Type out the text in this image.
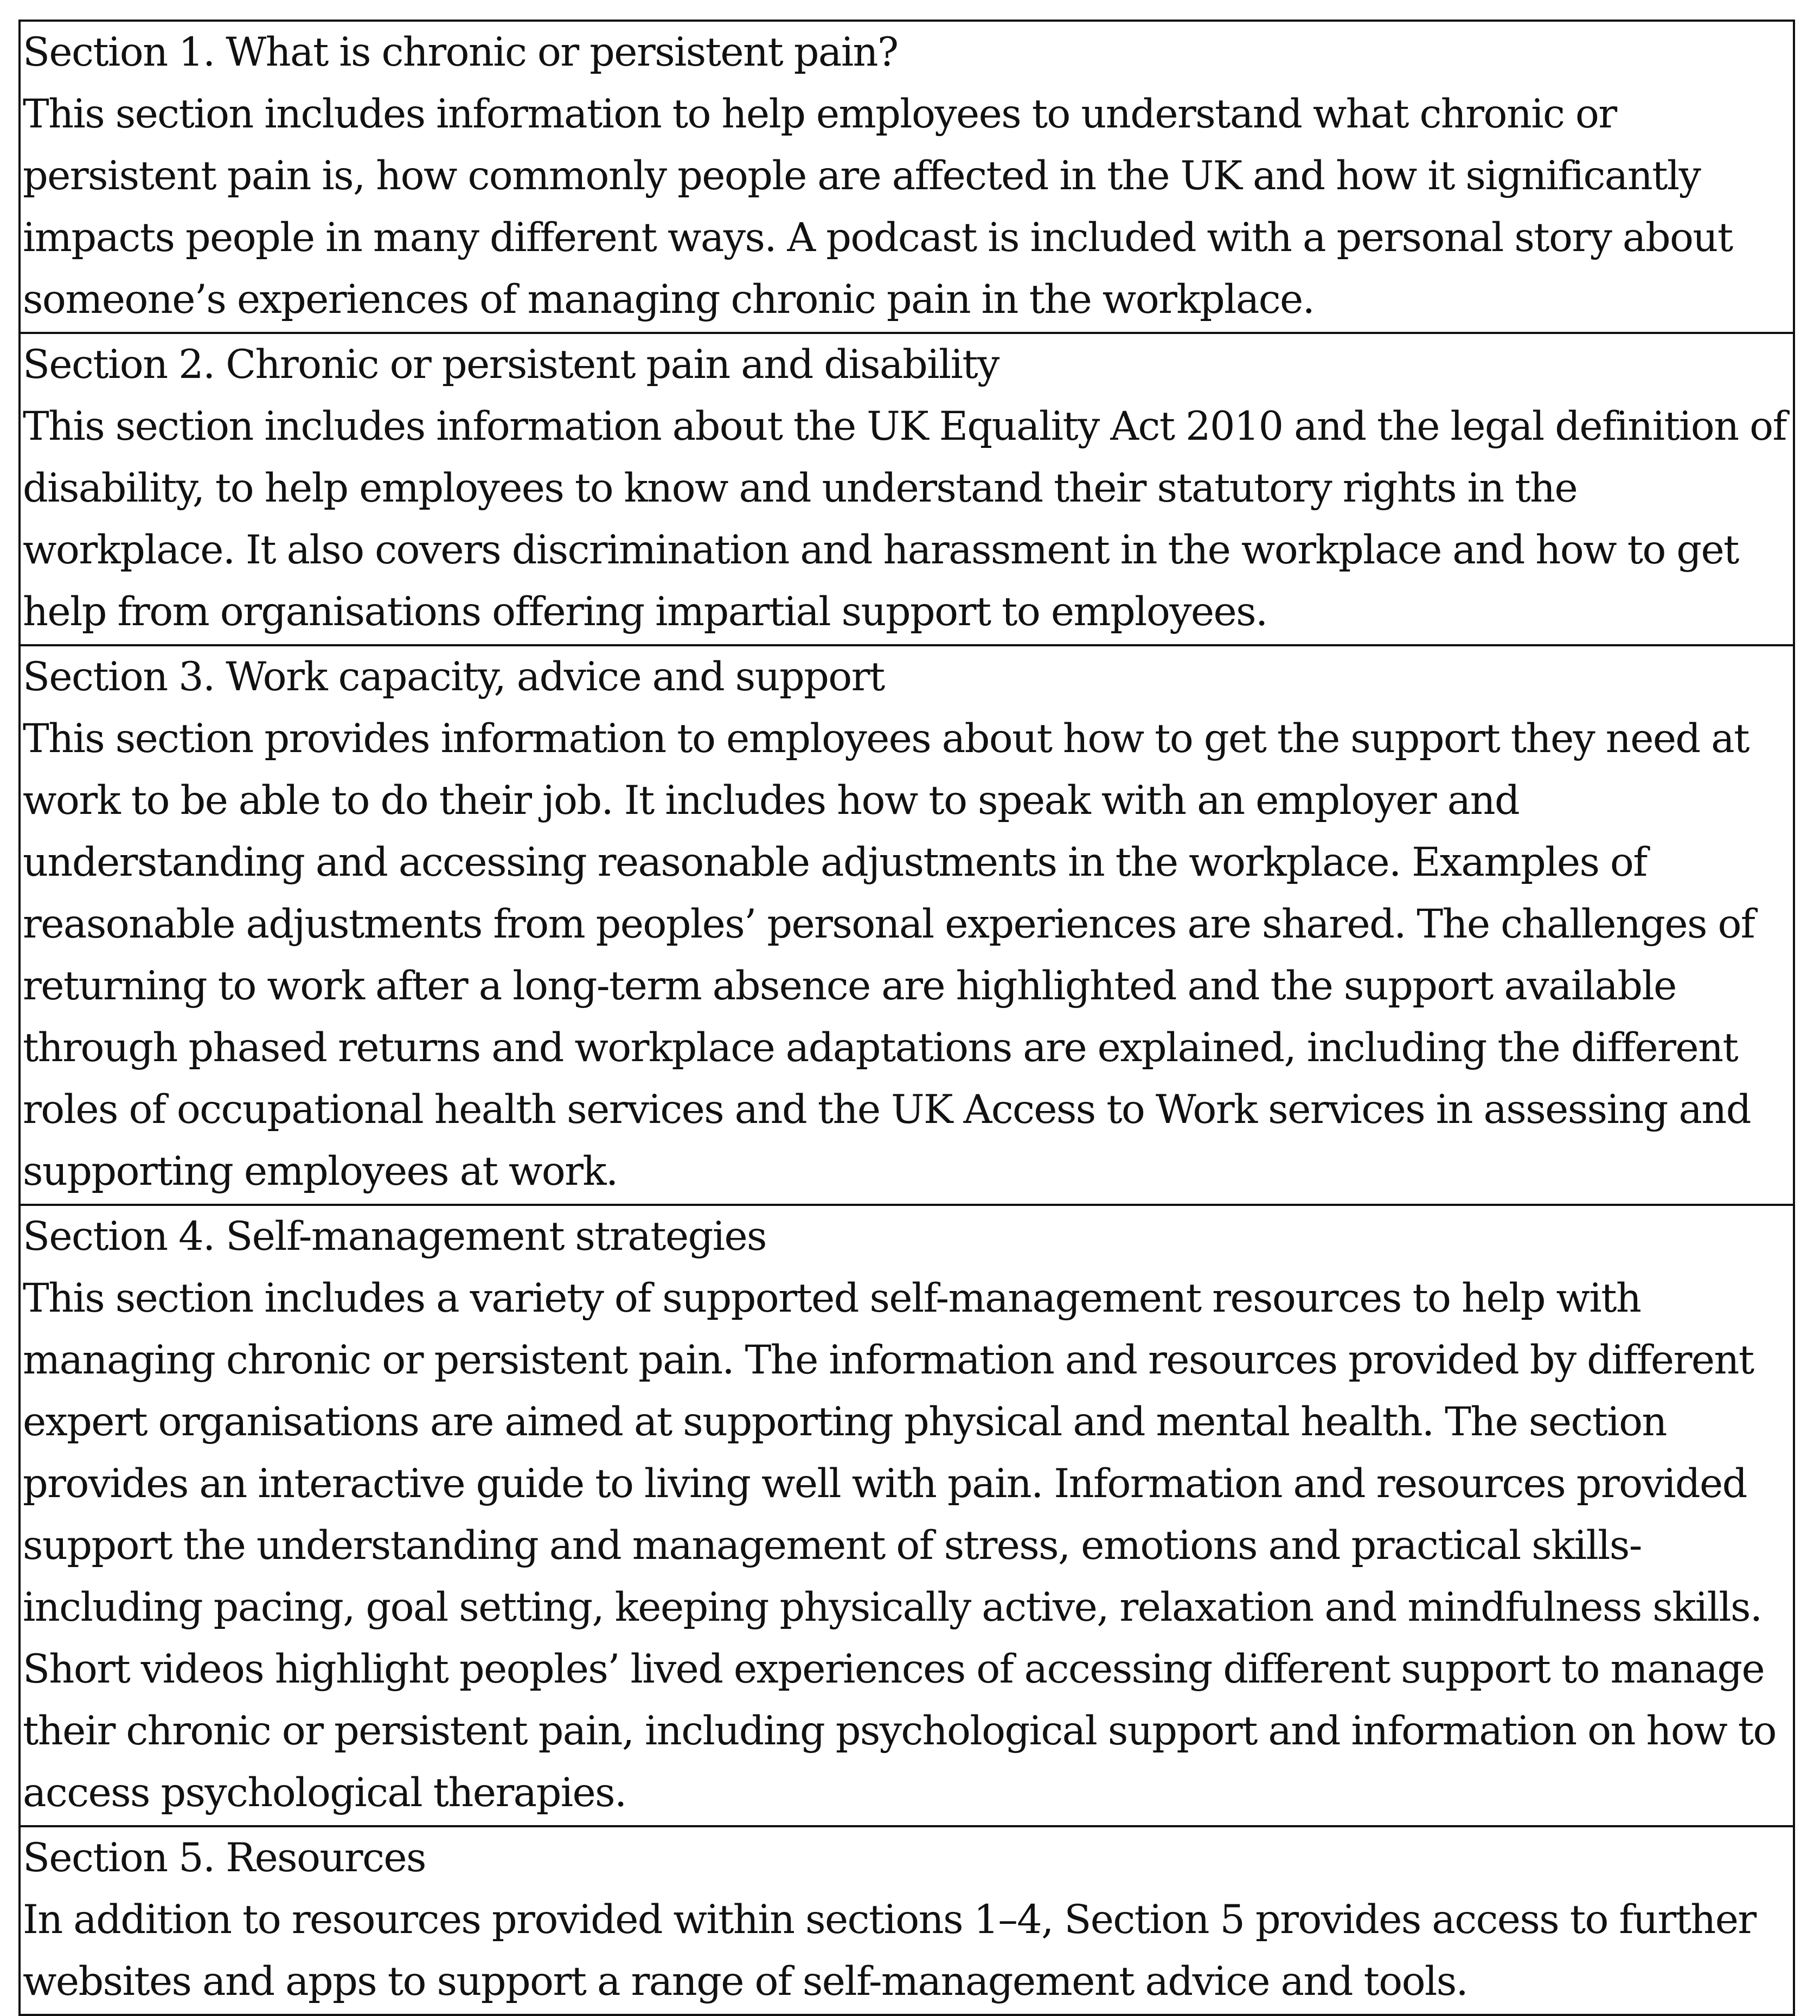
Section 1. What is chronic or persistent pain?
This section includes information to help employees to understand what chronic or persistent pain is, how commonly people are affected in the UK and how it significantly impacts people in many different ways. A podcast is included with a personal story about someone’s experiences of managing chronic pain in the workplace.

Section 2. Chronic or persistent pain and disability
This section includes information about the UK Equality Act 2010 and the legal definition of disability, to help employees to know and understand their statutory rights in the workplace. It also covers discrimination and harassment in the workplace and how to get help from organisations offering impartial support to employees.

Section 3. Work capacity, advice and support
This section provides information to employees about how to get the support they need at work to be able to do their job. It includes how to speak with an employer and understanding and accessing reasonable adjustments in the workplace. Examples of reasonable adjustments from peoples’ personal experiences are shared. The challenges of returning to work after a long-term absence are highlighted and the support available through phased returns and workplace adaptations are explained, including the different roles of occupational health services and the UK Access to Work services in assessing and supporting employees at work.

Section 4. Self-management strategies
This section includes a variety of supported self-management resources to help with managing chronic or persistent pain. The information and resources provided by different expert organisations are aimed at supporting physical and mental health. The section provides an interactive guide to living well with pain. Information and resources provided support the understanding and management of stress, emotions and practical skills-including pacing, goal setting, keeping physically active, relaxation and mindfulness skills. Short videos highlight peoples’ lived experiences of accessing different support to manage their chronic or persistent pain, including psychological support and information on how to access psychological therapies.

Section 5. Resources
In addition to resources provided within sections 1–4, Section 5 provides access to further websites and apps to support a range of self-management advice and tools.
